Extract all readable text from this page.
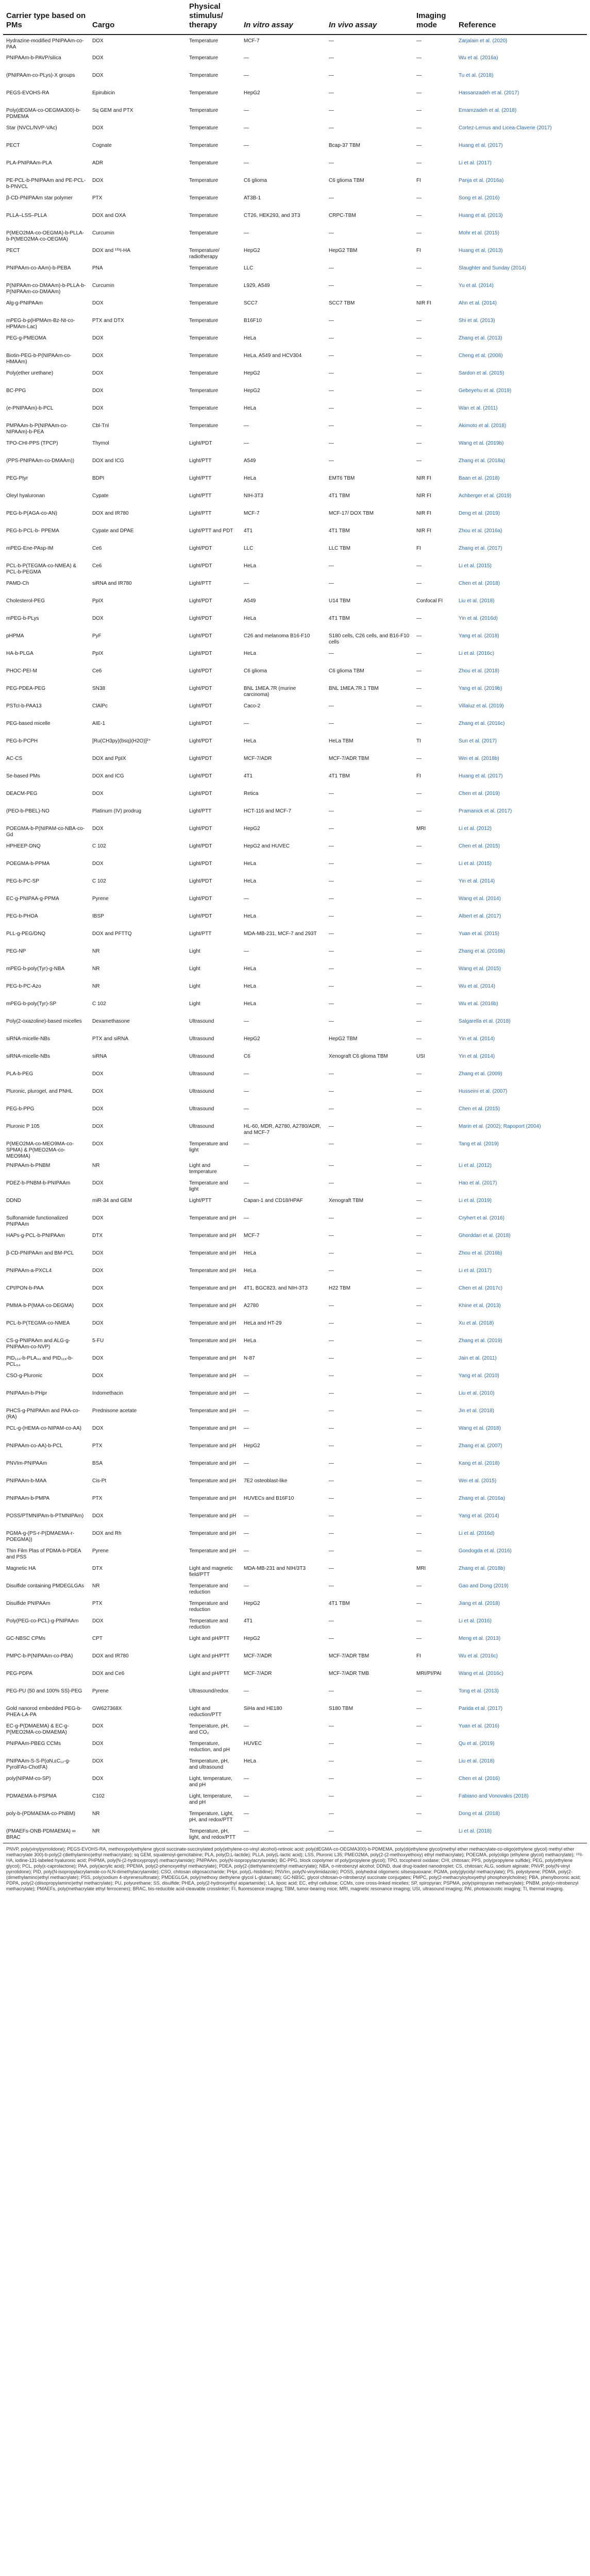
Carrier type based on PMs	Cargo	Physical stimulus/ therapy	In vitro assay	In vivo assay	Imaging mode	Reference
Hydrazine-modified PNIPAAm-co-PAA	DOX	Temperature	MCF-7	—	—	Zarjalain et al. (2020)
PNIPAAm-b-PAVP/silica	DOX	Temperature	—	—	—	Wu et al. (2016a)
(PNIPAAm-co-PLys)-X groups	DOX	Temperature	—	—	—	Tu et al. (2018)
PEGS-EVOHS-RA	Epirubicin	Temperature	HepG2	—	—	Hassanzadeh et al. (2017)
Poly(dEGMA-co-OEGMA300)-b-PDMEMA	Sq GEM and PTX	Temperature	—	—	—	Emamzadeh et al. (2018)
Star (NVCL/NVP-VAc)	DOX	Temperature	—	—	—	Cortez-Lemus and Licea-Claverie (2017)
PECT	Cognate	Temperature	—	Bcap-37 TBM	—	Huang et al. (2017)
PLA-PNIPAAm-PLA	ADR	Temperature	—	—	—	Li et al. (2017)
PE-PCL-b-PNIPAAm and PE-PCL-b-PNVCL	DOX	Temperature	C6 glioma	C6 glioma TBM	FI	Panja et al. (2016a)
β-CD-PNIPAAm star polymer	PTX	Temperature	AT3B-1	—	—	Song et al. (2016)
PLLA–LSS–PLLA	DOX and OXA	Temperature	CT26, HEK293, and 3T3	CRPC-TBM	—	Huang et al. (2013)
P(MEO2MA-co-OEGMA)-b-PLLA-b-P(MEO2MA-co-OEGMA)	Curcumin	Temperature	—	—	—	Mohr et al. (2015)
PECT	DOX and ¹³¹I-HA	Temperature/ radiotherapy	HepG2	HepG2 TBM	FI	Huang et al. (2013)
PNIPAAm-co-AAm)-b-PEBA	PNA	Temperature	LLC	—	—	Slaughter and Sunday (2014)
P(NIPAAm-co-DMAAm)-b-PLLA-b-P(NIPAAm-co-DMAAm)	Curcumin	Temperature	L929, A549	—	—	Yu et al. (2014)
Alg-g-PNIPAAm	DOX	Temperature	SCC7	SCC7 TBM	NIR FI	Ahn et al. (2014)
mPEG-b-p(HPMAm-Bz-Nt-co-HPMAm-Lac)	PTX and DTX	Temperature	B16F10	—	—	Shi et al. (2013)
PEG-g-PMEOMA	DOX	Temperature	HeLa	—	—	Zhang et al. (2013)
Biotin-PEG-b-P(NIPAAm-co-HMAAm)	DOX	Temperature	HeLa, A549 and HCV304	—	—	Cheng et al. (2008)
Poly(ether urethane)	DOX	Temperature	HepG2	—	—	Sardon et al. (2015)
BC-PPG	DOX	Temperature	HepG2	—	—	Gebeyehu et al. (2019)
(e-PNIPAAm)-b-PCL	DOX	Temperature	HeLa	—	—	Wan et al. (2011)
PMPAAm-b-P(NIPAAm-co-NIPAAm)-b-PEA	Cbl-Tnl	Temperature	—	—	—	Akimoto et al. (2018)
TPO-CHI-PPS (TPCP)	Thymol	Light/PDT	—	—	—	Wang et al. (2019b)
(PPS-PNIPAAm-co-DMAAm))	DOX and ICG	Light/PTT	A549	—	—	Zhang et al. (2018a)
PEG-Ptyr	BDPI	Light/PTT	HeLa	EMT6 TBM	NIR FI	Baan et al. (2018)
Oleyl hyaluronan	Cypate	Light/PTT	NIH-3T3	4T1 TBM	NIR FI	Achberger et al. (2019)
PEG-b-P(AGA-co-AN)	DOX and IR780	Light/PTT	MCF-7	MCF-17/ DOX TBM	NIR FI	Deng et al. (2019)
PEG-b-PCL-b- PPEMA	Cypate and DPAE	Light/PTT and PDT	4T1	4T1 TBM	NIR FI	Zhou et al. (2016a)
mPEG-Ene-PAsp-IM	Ce6	Light/PDT	LLC	LLC TBM	FI	Zhang et al. (2017)
PCL-b-P(TEGMA-co-NMEA) & PCL-b-PEGMA	Ce6	Light/PDT	HeLa	—	—	Li et al. (2015)
PAMD-Ch	siRNA and IR780	Light/PTT	—	—	—	Chen et al. (2018)
Cholesterol-PEG	PpIX	Light/PDT	A549	U14 TBM	Confocal FI	Liu et al. (2018)
mPEG-b-PLys	DOX	Light/PDT	HeLa	4T1 TBM	—	Yin et al. (2016d)
pHPMA	PyF	Light/PDT	C26 and melanoma B16-F10	S180 cells, C26 cells, and B16-F10 cells	—	Yang et al. (2018)
HA-b-PLGA	PpIX	Light/PDT	HeLa	—	—	Li et al. (2016c)
PHOC-PEI-M	Ce6	Light/PDT	C6 glioma	C6 glioma TBM	—	Zhou et al. (2018)
PEG-PDEA-PEG	SN38	Light/PDT	BNL 1MEA.7R (murine carcinoma)	BNL 1MEA.7R.1 TBM	—	Yang et al. (2019b)
PSTcI-b-PAA13	ClAlPc	Light/PDT	Caco-2	—	—	Villaluz et al. (2019)
PEG-based micelle	AIE-1	Light/PDT	—	—	—	Zhang et al. (2016c)
PEG-b-PCPH	[Ru(CH3py)(bsq)(H2O)]²⁺	Light/PDT	HeLa	HeLa TBM	TI	Sun et al. (2017)
AC-CS	DOX and PpIX	Light/PDT	MCF-7/ADR	MCF-7/ADR TBM	—	Wei et al. (2018b)
Se-based PMs	DOX and ICG	Light/PDT	4T1	4T1 TBM	FI	Huang et al. (2017)
DEACM-PEG	DOX	Light/PDT	Retica	—	—	Chen et al. (2019)
(PEO-b-PBEL)-NO	Platinum (IV) prodrug	Light/PTT	HCT-116 and MCF-7	—	—	Pramanick et al. (2017)
POEGMA-b-P(NIPAM-co-NBA-co- Gd	DOX	Light/PDT	HepG2	—	MRI	Li et al. (2012)
HPHEEP-DNQ	C 102	Light/PDT	HepG2 and HUVEC	—	—	Chen et al. (2015)
POEGMA-b-PPMA	DOX	Light/PDT	HeLa	—	—	Li et al. (2015)
PEG-b-PC-SP	C 102	Light/PDT	HeLa	—	—	Yin et al. (2014)
EC-g-PNIPAA-g-PPMA	Pyrene	Light/PDT	—	—	—	Wang et al. (2014)
PEG-b-PHOA	IBSP	Light/PDT	HeLa	—	—	Albert et al. (2017)
PLL-g-PEG/DNQ	DOX and PFTTQ	Light/PTT	MDA-MB-231, MCF-7 and 293T	—	—	Yuan et al. (2015)
PEG-NP	NR	Light	—	—	—	Zhang et al. (2016b)
mPEG-b-poly(Tyr)-g-NBA	NR	Light	HeLa	—	—	Wang et al. (2015)
PEG-b-PC-Azo	NR	Light	HeLa	—	—	Wu et al. (2014)
mPEG-b-poly(Tyr)-SP	C 102	Light	HeLa	—	—	Wu et al. (2016b)
Poly(2-oxazoline)-based micelles	Dexamethasone	Ultrasound	—	—	—	Salgarella et al. (2018)
siRNA-micelle-NBs	PTX and siRNA	Ultrasound	HepG2	HepG2 TBM	—	Yin et al. (2014)
siRNA-micelle-NBs	siRNA	Ultrasound	C6	Xenograft C6 glioma TBM	USI	Yin et al. (2014)
PLA-b-PEG	DOX	Ultrasound	—	—	—	Zhang et al. (2009)
Pluronic, plurogel, and PNHL	DOX	Ultrasound	—	—	—	Husseini et al. (2007)
PEG-b-PPG	DOX	Ultrasound	—	—	—	Chen et al. (2015)
Pluronic P 105	DOX	Ultrasound	HL-60, MDR, A2780, A2780/ADR, and MCF-7	—	—	Marin et al. (2002); Rapoport (2004)
P(MEO2MA-co-MEO9MA-co-SPMA) & P(MEO2MA-co-MEO9MA)	DOX	Temperature and light	—	—	—	Tang et al. (2019)
PNIPAAm-b-PNBM	NR	Light and temperature	—	—	—	Li et al. (2012)
PDEZ-b-PNBM-b-PNIPAAm	DOX	Temperature and light	—	—	—	Hao et al. (2017)
DDND	miR-34 and GEM	Light/PTT	Capan-1 and CD18/HPAF	Xenograft TBM	—	Li et al. (2019)
Sulfonamide functionalized PNIPAAm	DOX	Temperature and pH	—	—	—	Cryhert et al. (2016)
HAPs-g-PCL-b-PNIPAAm	DTX	Temperature and pH	MCF-7	—	—	Ghorddari et al. (2018)
β-CD-PNIPAAm and BM-PCL	DOX	Temperature and pH	HeLa	—	—	Zhou et al. (2016b)
PNIPAAm-a-PXCL4	DOX	Temperature and pH	HeLa	—	—	Li et al. (2017)
CPt/PON-b-PAA	DOX	Temperature and pH	4T1, BGC823, and NIH-3T3	H22 TBM	—	Chen et al. (2017c)
PMMA-b-P(MAA-co-DEGMA)	DOX	Temperature and pH	A2780	—	—	Khine et al. (2013)
PCL-b-P(TEGMA-co-NMEA	DOX	Temperature and pH	HeLa and HT-29	—	—	Xu et al. (2018)
CS-g-PNIPAAm and ALG-g-PNIPAAm-co-NVP)	5-FU	Temperature and pH	HeLa	—	—	Zhang et al. (2019)
PID₁₃₄-b-PLA₄₄ and PID₁₁₈-b-PCL₅₄	DOX	Temperature and pH	N-87	—	—	Jain et al. (2011)
CSO-g-Pluronic	DOX	Temperature and pH	—	—	—	Yang et al. (2010)
PNIPAAm-b-PHpr	Indomethacin	Temperature and pH	—	—	—	Liu et al. (2010)
PHCS-g-PNIPAAm and PAA-co-(RA)	Prednisone acetate	Temperature and pH	—	—	—	Jin et al. (2018)
PCL-g-(HEMA-co-NIPAM-co-AA)	DOX	Temperature and pH	—	—	—	Wang et al. (2018)
PNIPAAm-co-AA)-b-PCL	PTX	Temperature and pH	HepG2	—	—	Zhang et al. (2007)
PNVIm-PNIPAAm	BSA	Temperature and pH	—	—	—	Kang et al. (2018)
PNIPAAm-b-MAA	Cis-Pt	Temperature and pH	7E2 osteoblast-like	—	—	Wei et al. (2015)
PNIPAAm-b-PMPA	PTX	Temperature and pH	HUVECs and B16F10	—	—	Zhang et al. (2016a)
POSS/PTMNIPAm-b-PTMNIPAm)	DOX	Temperature and pH	—	—	—	Yang et al. (2014)
PGMA-g-(PS-r-P(DMAEMA-r-POEGMA))	DOX and Rh	Temperature and pH	—	—	—	Li et al. (2016d)
Thin Film Plas of PDMA-b-PDEA and PSS	Pyrene	Temperature and pH	—	—	—	Gondogda et al. (2016)
Magnetic HA	DTX	Light and magnetic field/PTT	MDA-MB-231 and NIH/3T3	—	MRI	Zhang et al. (2018b)
Disulfide containing PMDEGLGAs	NR	Temperature and reduction	—	—	—	Gao and Dong (2019)
Disulfide PNIPAAm	PTX	Temperature and reduction	HepG2	4T1 TBM	—	Jiang et al. (2018)
Poly(PEG-co-PCL)-g-PNIPAAm	DOX	Temperature and reduction	4T1	—	—	Li et al. (2016)
GC-NBSC CPMs	CPT	Light and pH/PTT	HepG2	—	—	Meng et al. (2013)
PMPC-b-P(NIPAAm-co-PBA)	DOX and IR780	Light and pH/PTT	MCF-7/ADR	MCF-7/ADR TBM	FI	Wu et al. (2016c)
PEG-PDPA	DOX and Ce6	Light and pH/PTT	MCF-7/ADR	MCF-7/ADR TMB	MRI/PI/PAI	Wang et al. (2016c)
PEG-PU (50 and 100% SS)-PEG	Pyrene	Ultrasound/redox	—	—	—	Tong et al. (2013)
Gold nanorod embedded PEG-b-PHEA-LA-PA	GW627368X	Light and reduction/PTT	SiHa and HE180	S180 TBM	—	Parida et al. (2017)
EC-g-P(DMAEMA) & EC-g-P(MEO2MA-co-DMAEMA)	DOX	Temperature, pH, and CO₂	—	—	—	Yuan et al. (2016)
PNIPAAm-PBEG CCMs	DOX	Temperature, reduction, and pH	HUVEC	—	—	Qu et al. (2019)
PNIPAAm-S-S-P(αN,εC₁₂-g-PyrolFAs-ChotFA)	DOX	Temperature, pH, and ultrasound	HeLa	—	—	Liu et al. (2018)
poly(NIPAM-co-SP)	DOX	Light, temperature, and pH	—	—	—	Chen et al. (2016)
PDMAEMA-b-PSPMA	C102	Light, temperature, and pH	—	—	—	Fabiano and Vonovakis (2018)
poly-b-(PDMAEMA-co-PNBM)	NR	Temperature, Light, pH, and redox/PTT	—	—	—	Dong et al. (2018)
(PMAEFs-ONB-PDMAEMA) ∞ BRAC	NR	Temperature, pH, light, and redox/PTT	—	—	—	Li et al. (2018)
PNVP, poly(vinylpyrrolidone); PEGS-EVOHS-RA, methoxypolyethylene glycol succinate-succinylated poly(ethylene-co-vinyl alcohol)-retinoic acid; poly(dEGMA-co-OEGMA300)-b-PDMEMA, poly(di(ethylene glycol)methyl ether methacrylate-co-oligo(ethylene glycol) methyl ether methacrylate 300)-b-poly(2-(diethylamino)ethyl methacrylate); sq GEM, squalenoyl-gemcitabine; PLA, poly(D,L-lactide); PLLA, poly(L-lactic acid); LSS, Pluronic L35; PMEO2MA, poly(2-(2-methoxyethoxy) ethyl methacrylate); POEGMA, poly(oligo (ethylene glycol) methacrylate); ¹³¹I-HA, iodine-131-labeled hyaluronic acid; PHPMA, poly(N-(2-hydroxypropyl) methacrylamide); PNIPAAm, poly(N-isopropylacrylamide); BC-PPG, block copolymer of poly(propylene glycol); TPO, tocopherol oxidase; CHI, chitosan; PPS, poly(propylene sulfide); PEG, poly(ethylene glycol); PCL, poly(ε-caprolactone); PAA, poly(acrylic acid); PPEMA, poly(2-phenoxyethyl methacrylate); PDEA, poly(2-(diethylamino)ethyl methacrylate); NBA, o-nitrobenzyl alcohol; DDND, dual drug-loaded nanodroplet; CS, chitosan; ALG, sodium alginate; PNVP, poly(N-vinyl pyrrolidone); PID, poly(N-isopropylacrylamide-co-N,N-dimethylacrylamide); CSO, chitosan oligosaccharide; PHpr, poly(L-histidine); PNVIm, poly(N-vinylimidazole); POSS, polyhedral oligomeric silsesquioxane; PGMA, poly(glycidyl methacrylate); PS, polystyrene; PDMA, poly(2-(dimethylamino)ethyl methacrylate); PSS, poly(sodium 4-styrenesulfonate); PMDEGLGA, poly(methoxy diethylene glycol L-glutamate); GC-NBSC, glycol chitosan-o-nitrobenzyl succinate conjugates; PMPC, poly(2-methacryloyloxyethyl phosphorylcholine); PBA, phenylboronic acid; PDPA, poly(2-(diisopropylamino)ethyl methacrylate); PU, polyurethane; SS, disulfide; PHEA, poly(2-hydroxyethyl aspartamide); LA, lipoic acid; EC, ethyl cellulose; CCMs, core cross-linked micelles; SP, spiropyran; PSPMA, poly(spiropyran methacrylate); PNBM, poly(o-nitrobenzyl methacrylate); PMAEFs, poly(methacrylate ethyl ferrocenes); BRAC, bis-reducible acid-cleavable crosslinker; FI, fluorescence imaging; TBM, tumor-bearing mice; MRI, magnetic resonance imaging; USI, ultrasound imaging; PAI, photoacoustic imaging; TI, thermal imaging.
